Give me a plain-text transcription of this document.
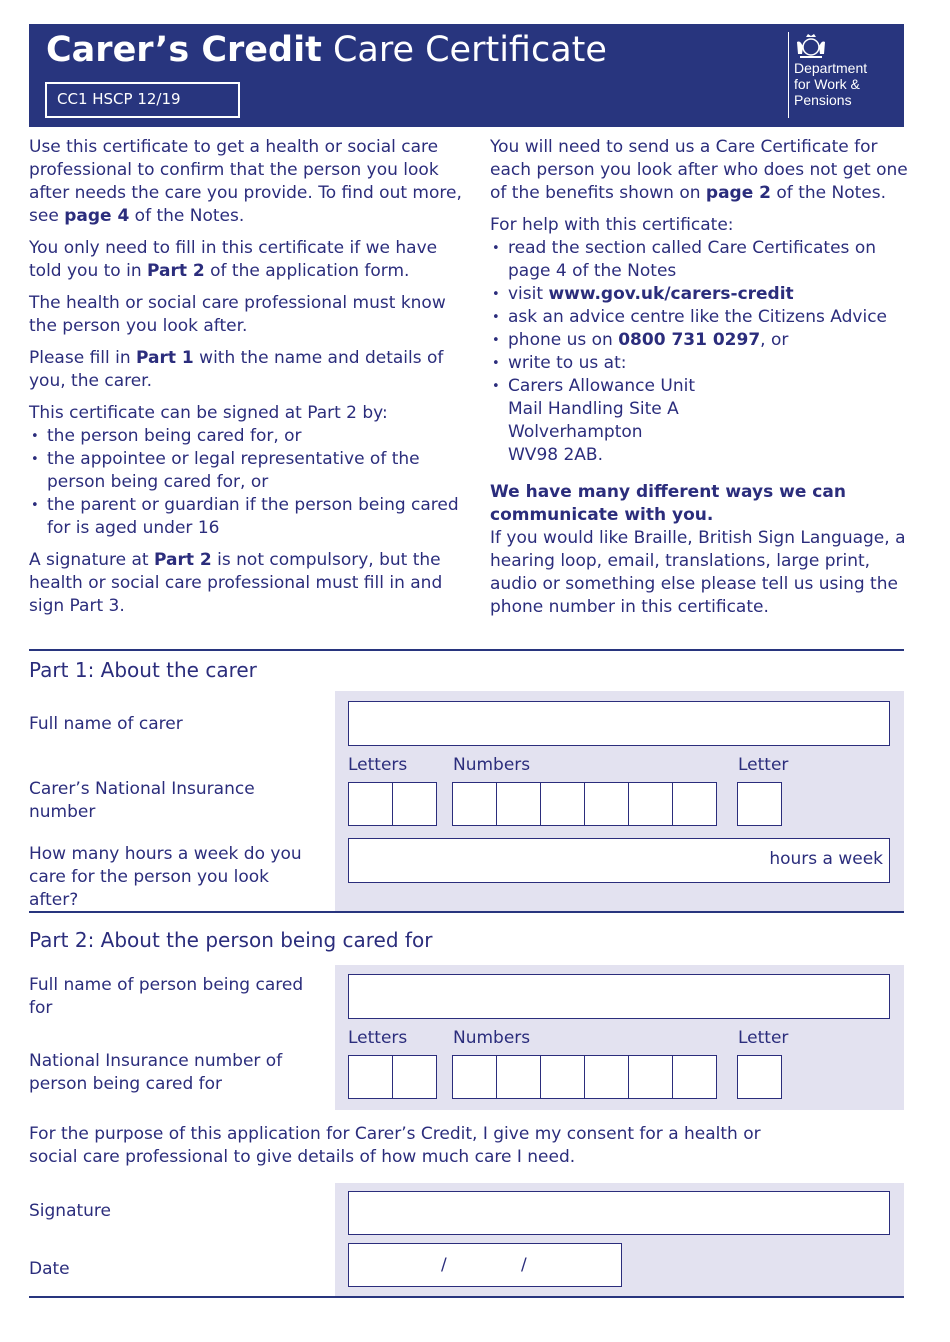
Carer’s Credit Care Certificate
CC1 HSCP 12/19
Department
for Work &
Pensions

Use this certificate to get a health or social care professional to confirm that the person you look after needs the care you provide. To find out more, see page 4 of the Notes.

You only need to fill in this certificate if we have told you to in Part 2 of the application form.

The health or social care professional must know the person you look after.

Please fill in Part 1 with the name and details of you, the carer.

This certificate can be signed at Part 2 by:

• the person being cared for, or
• the appointee or legal representative of the person being cared for, or
• the parent or guardian if the person being cared for is aged under 16

A signature at Part 2 is not compulsory, but the health or social care professional must fill in and sign Part 3.

You will need to send us a Care Certificate for each person you look after who does not get one of the benefits shown on page 2 of the Notes.

For help with this certificate:

• read the section called Care Certificates on page 4 of the Notes
• visit www.gov.uk/carers-credit
• ask an advice centre like the Citizens Advice
• phone us on 0800 731 0297, or
• write to us at:
• Carers Allowance Unit
Mail Handling Site A
Wolverhampton
WV98 2AB.

We have many different ways we can communicate with you.

If you would like Braille, British Sign Language, a hearing loop, email, translations, large print, audio or something else please tell us using the phone number in this certificate.

Part 1: About the carer
Full name of carer
Letters	Numbers	Letter
Carer’s National Insurance number
How many hours a week do you care for the person you look after?
hours a week
Part 2: About the person being cared for
Full name of person being cared for
Letters	Numbers	Letter
National Insurance number of person being cared for
For the purpose of this application for Carer’s Credit, I give my consent for a health or social care professional to give details of how much care I need.
Signature
Date	/	/
